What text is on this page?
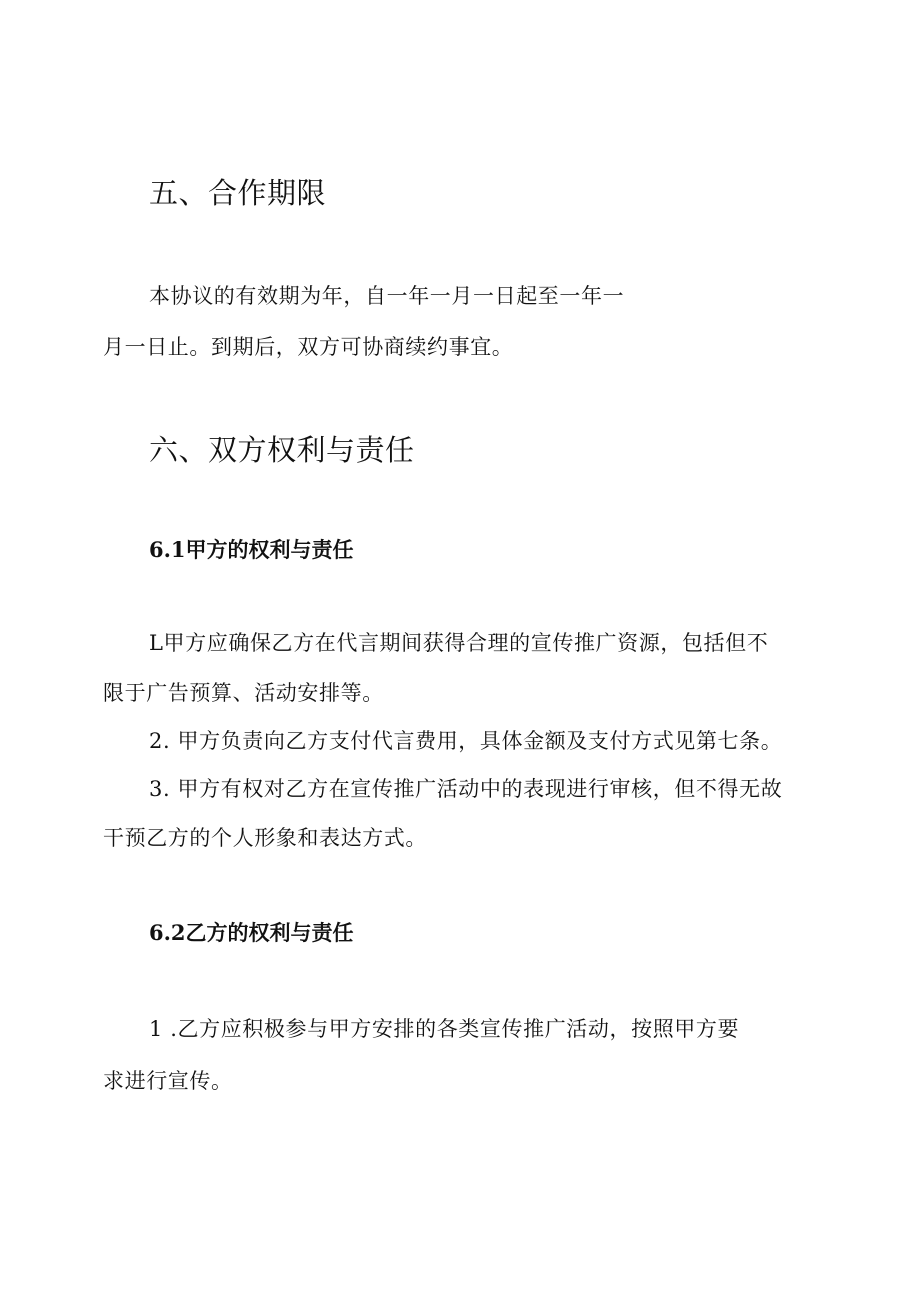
五、合作期限
本协议的有效期为年，自一年一月一日起至一年一
月一日止。到期后，双方可协商续约事宜。
六、双方权利与责任
6.1甲方的权利与责任
L甲方应确保乙方在代言期间获得合理的宣传推广资源，包括但不
限于广告预算、活动安排等。
2. 甲方负责向乙方支付代言费用，具体金额及支付方式见第七条。
3. 甲方有权对乙方在宣传推广活动中的表现进行审核，但不得无故
干预乙方的个人形象和表达方式。
6.2乙方的权利与责任
1 .乙方应积极参与甲方安排的各类宣传推广活动，按照甲方要
求进行宣传。
